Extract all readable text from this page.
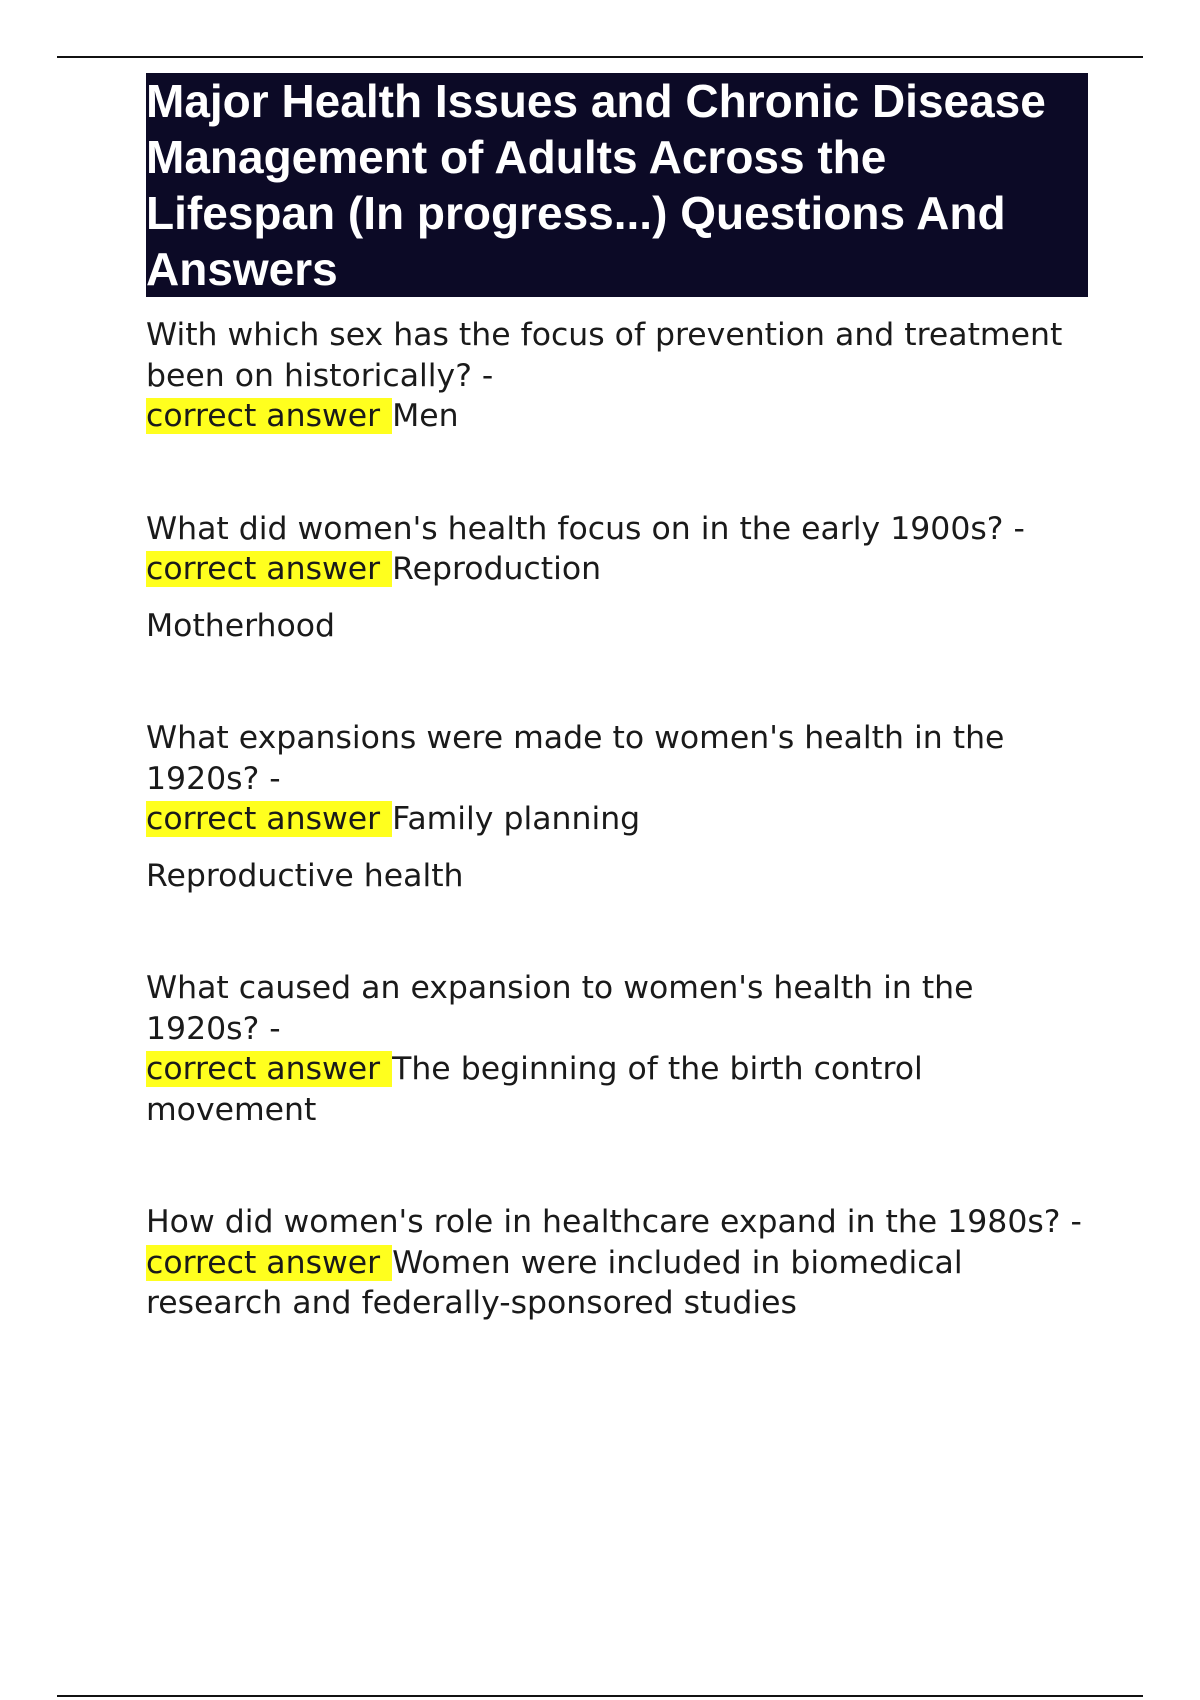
Major Health Issues and Chronic Disease Management of Adults Across the Lifespan (In progress...) Questions And Answers
With which sex has the focus of prevention and treatment been on historically? -
correct answer Men
What did women's health focus on in the early 1900s? -
correct answer Reproduction
Motherhood
What expansions were made to women's health in the 1920s? -
correct answer Family planning
Reproductive health
What caused an expansion to women's health in the 1920s? -
correct answer The beginning of the birth control movement
How did women's role in healthcare expand in the 1980s? -
correct answer Women were included in biomedical research and federally-sponsored studies
